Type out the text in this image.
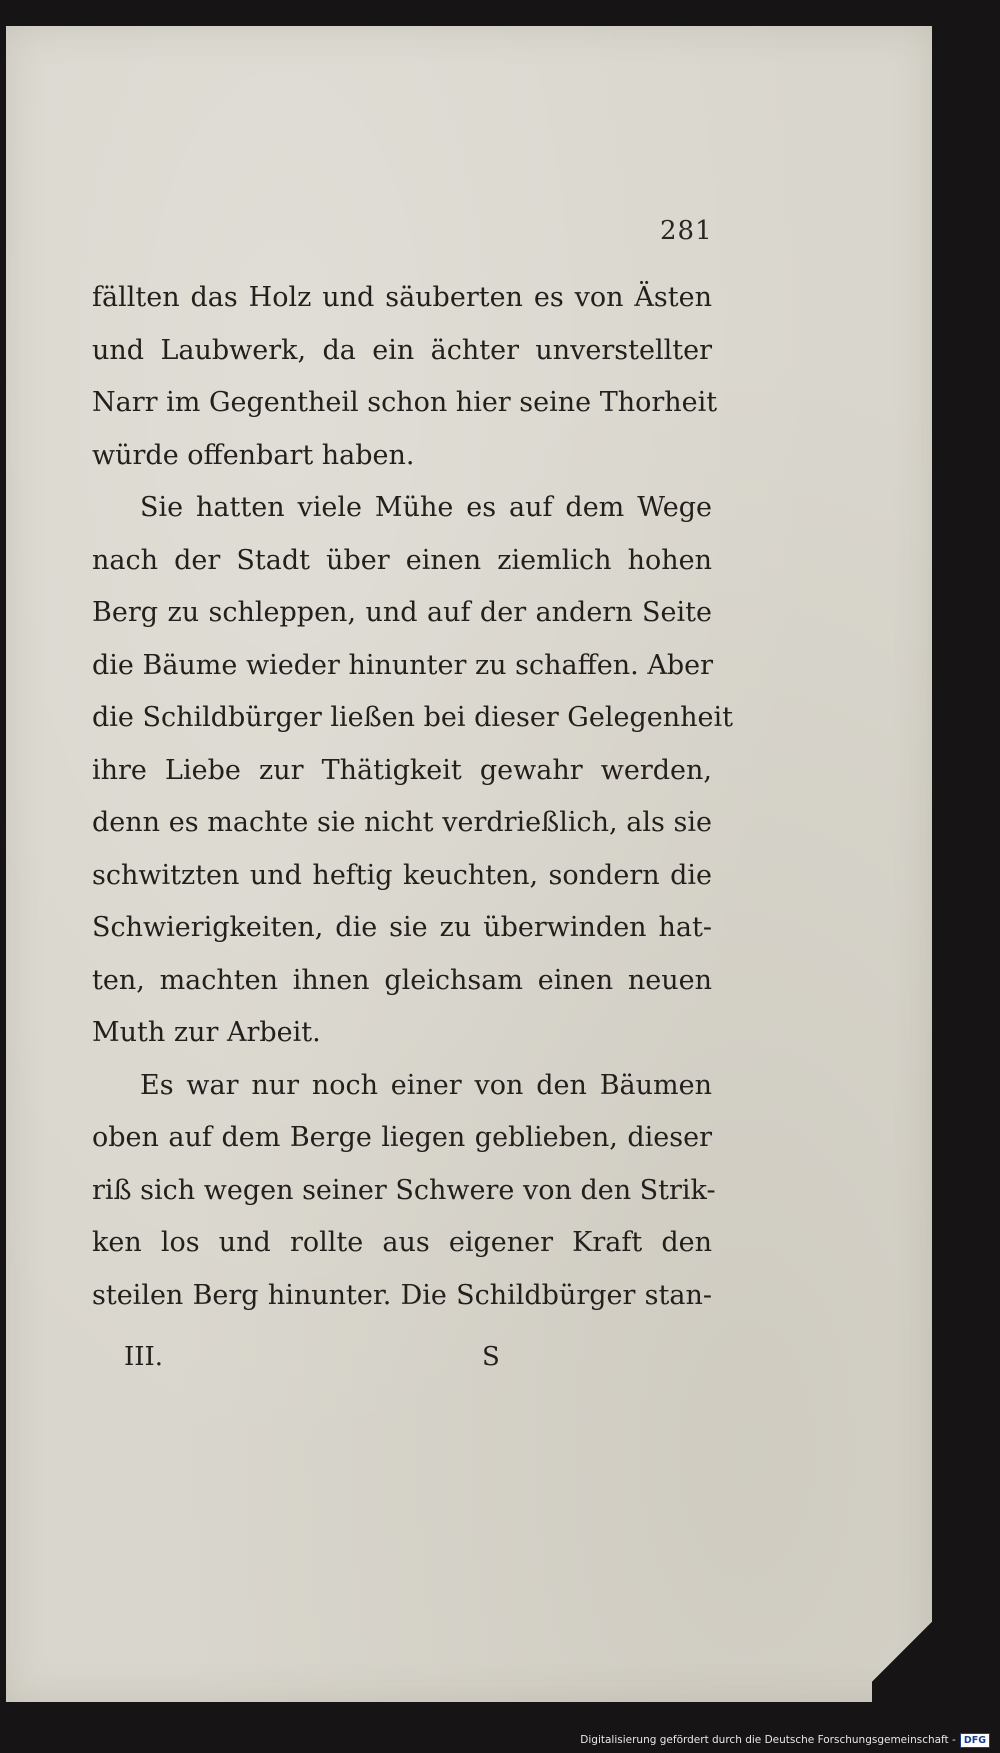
281
fällten das Holz und säuberten es von Ästen
und Laubwerk, da ein ächter unverstellter
Narr im Gegentheil schon hier seine Thorheit
würde offenbart haben.
Sie hatten viele Mühe es auf dem Wege
nach der Stadt über einen ziemlich hohen
Berg zu schleppen, und auf der andern Seite
die Bäume wieder hinunter zu schaffen. Aber
die Schildbürger ließen bei dieser Gelegenheit
ihre Liebe zur Thätigkeit gewahr werden,
denn es machte sie nicht verdrießlich, als sie
schwitzten und heftig keuchten, sondern die
Schwierigkeiten, die sie zu überwinden hat-
ten, machten ihnen gleichsam einen neuen
Muth zur Arbeit.
Es war nur noch einer von den Bäumen
oben auf dem Berge liegen geblieben, dieser
riß sich wegen seiner Schwere von den Strik-
ken los und rollte aus eigener Kraft den
steilen Berg hinunter. Die Schildbürger stan-
III.	S
Digitalisierung gefördert durch die Deutsche Forschungsgemeinschaft - DFG
